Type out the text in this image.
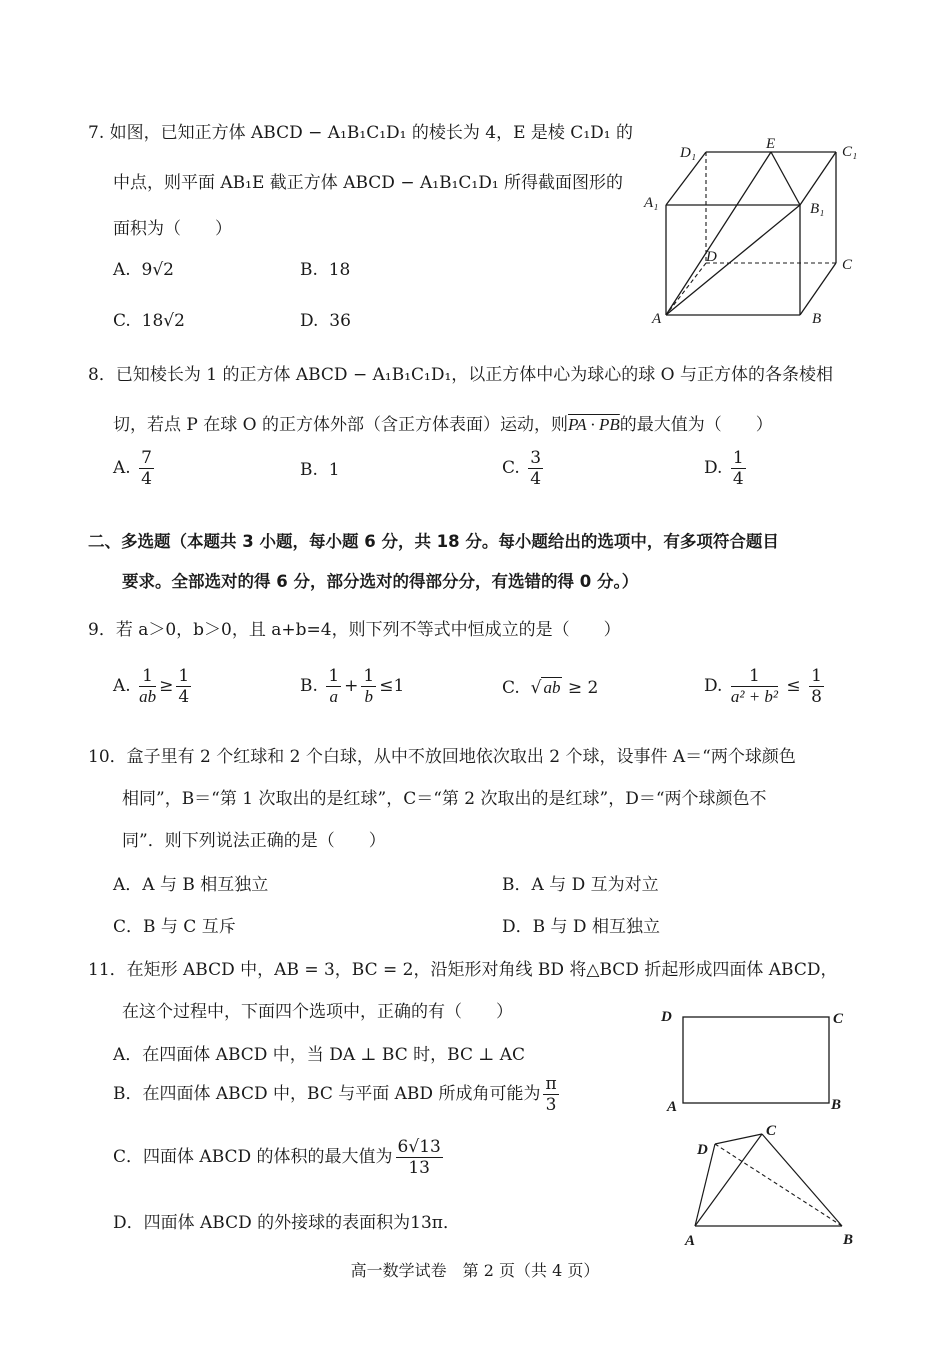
7. 如图，已知正方体 ABCD − A₁B₁C₁D₁ 的棱长为 4，E 是棱 C₁D₁ 的
中点，则平面 AB₁E 截正方体 ABCD − A₁B₁C₁D₁ 所得截面图形的
面积为（　　）
A. 9√2	B. 18
C. 18√2	D. 36
D₁
E	C₁
A₁	B₁
D	C
A	B
8．已知棱长为 1 的正方体 ABCD − A₁B₁C₁D₁，以正方体中心为球心的球 O 与正方体的各条棱相
切，若点 P 在球 O 的正方体外部（含正方体表面）运动，则PA · PB的最大值为（　　）
A. $\frac{7}{4}$	B. 1	C. $\frac{3}{4}$	D. $\frac{1}{4}$
二、多选题（本题共 3 小题，每小题 6 分，共 18 分。每小题给出的选项中，有多项符合题目
要求。全部选对的得 6 分，部分选对的得部分分，有选错的得 0 分。）
9．若 a＞0，b＞0，且 a+b=4，则下列不等式中恒成立的是（　　）
A. $\frac{1}{ab} \ge \frac{1}{4}$	B. $\frac{1}{a} + \frac{1}{b} \le 1$	C.  √ ab ≥ 2	D. $\frac{1}{\text{a² + b²}} \le \frac{1}{8}$
10．盒子里有 2 个红球和 2 个白球，从中不放回地依次取出 2 个球，设事件 A＝“两个球颜色
相同”，B＝“第 1 次取出的是红球”，C＝“第 2 次取出的是红球”，D＝“两个球颜色不
同”．则下列说法正确的是（　　）
A．A 与 B 相互独立	B．A 与 D 互为对立
C．B 与 C 互斥	D．B 与 D 相互独立
11．在矩形 ABCD 中，AB = 3，BC = 2，沿矩形对角线 BD 将△BCD 折起形成四面体 ABCD，
在这个过程中，下面四个选项中，正确的有（　　）
A．在四面体 ABCD 中，当 DA ⊥ BC 时，BC ⊥ AC
B．在四面体 ABCD 中，BC 与平面 ABD 所成角可能为 $\frac{\pi}{3}$
C．四面体 ABCD 的体积的最大值为 $\frac{6√13}{13}$
D．四面体 ABCD 的外接球的表面积为13π．
D	C
A	B
D
C
A	B
高一数学试卷　第 2 页（共 4 页）
